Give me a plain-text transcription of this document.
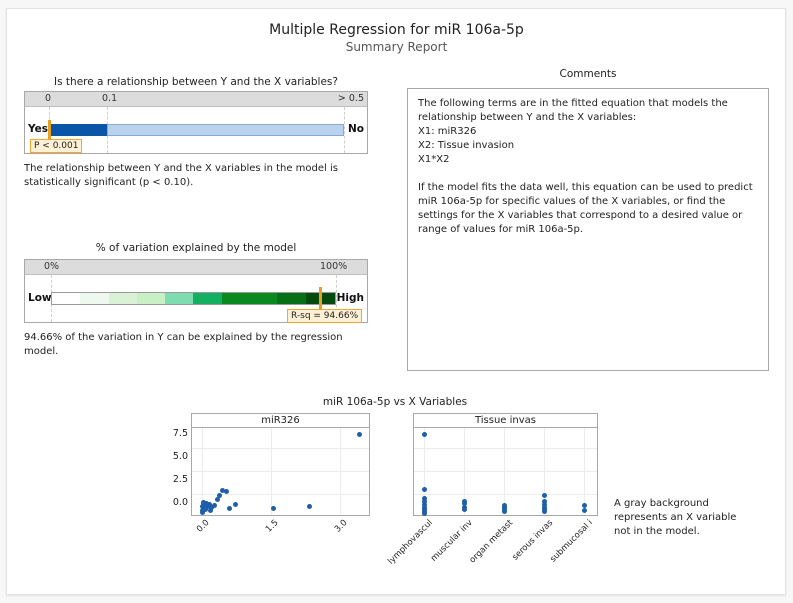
Multiple Regression for miR 106a-5p
Summary Report
Is there a relationship between Y and the X variables?
0	0.1	> 0.5
Yes	No
P < 0.001
The relationship between Y and the X variables in the model is statistically significant (p < 0.10).
% of variation explained by the model
0%	100%
Low	High
R-sq = 94.66%
94.66% of the variation in Y can be explained by the regression model.
Comments
The following terms are in the fitted equation that models the relationship between Y and the X variables:
X1: miR326
X2: Tissue invasion
X1*X2
If the model fits the data well, this equation can be used to predict miR 106a-5p for specific values of the X variables, or find the settings for the X variables that correspond to a desired value or range of values for miR 106a-5p.
miR 106a-5p vs X Variables
7.5
5.0
2.5
0.0
miR326
0.0	1.5	3.0
Tissue invas
lymphovascul
muscular inv
organ metast
serous invas
submucosal i
A gray background represents an X variable not in the model.
